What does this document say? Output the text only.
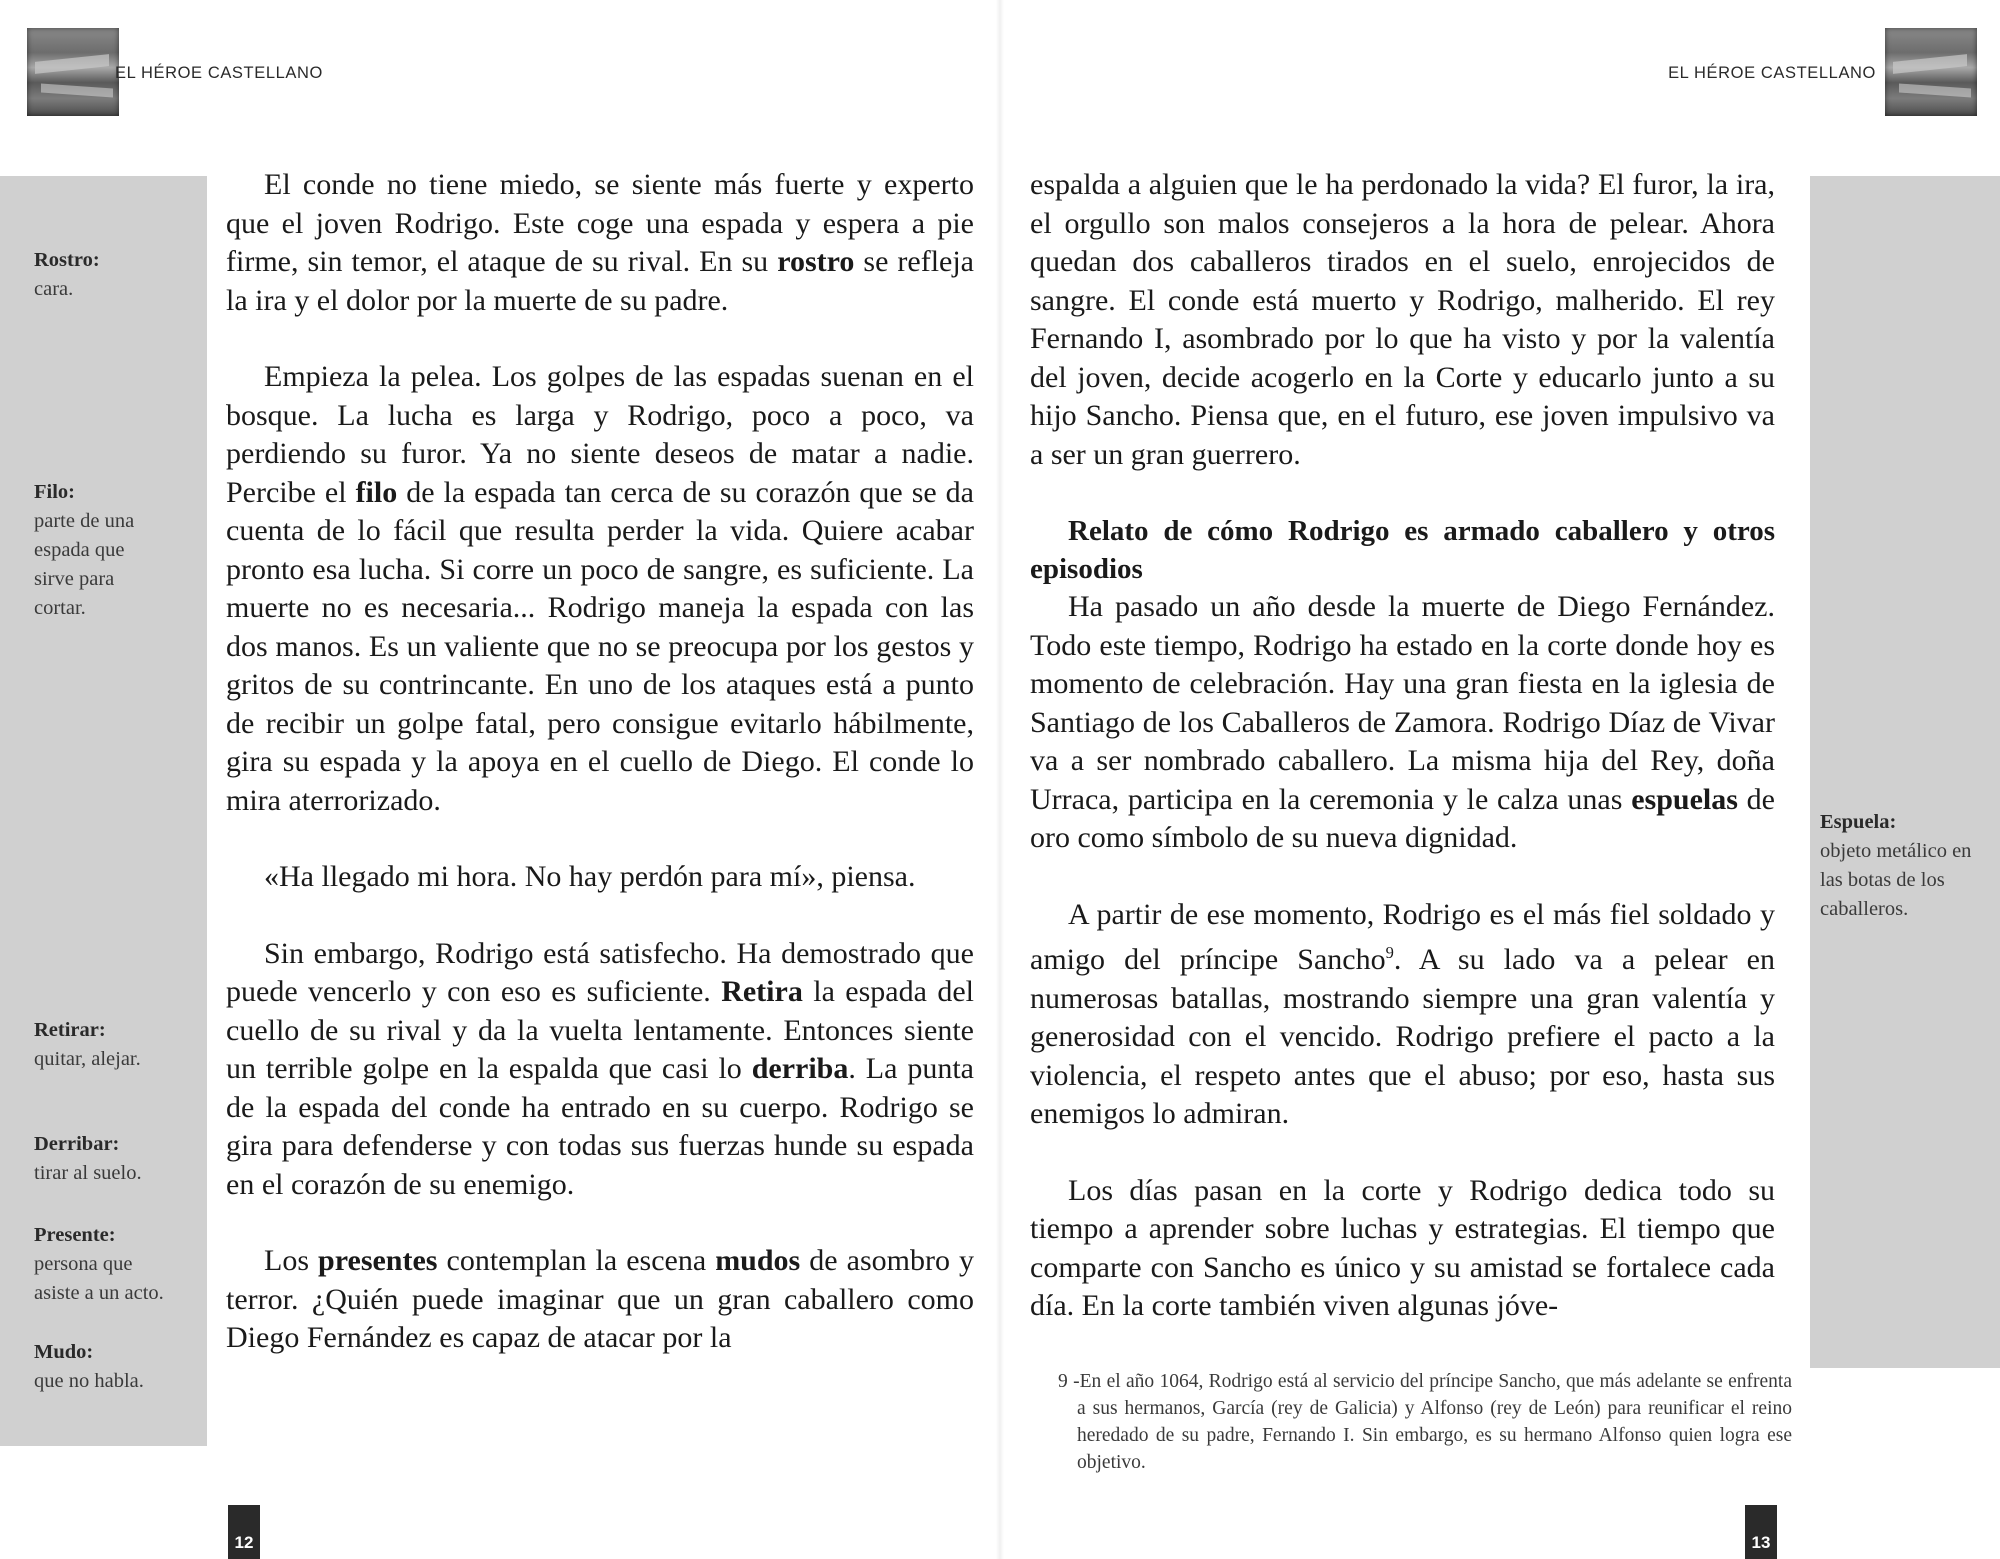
EL HÉROE CASTELLANO
Rostro:
cara.
Filo:
parte de una espada que sirve para cortar.
Retirar:
quitar, alejar.
Derribar:
tirar al suelo.
Presente:
persona que asiste a un acto.
Mudo:
que no habla.

El conde no tiene miedo, se siente más fuerte y experto que el joven Rodrigo. Este coge una espada y espera a pie firme, sin temor, el ataque de su rival. En su rostro se refleja la ira y el dolor por la muerte de su padre.

Empieza la pelea. Los golpes de las espadas suenan en el bosque. La lucha es larga y Rodrigo, poco a poco, va perdiendo su furor. Ya no siente deseos de matar a nadie. Percibe el filo de la espada tan cerca de su corazón que se da cuenta de lo fácil que resulta perder la vida. Quiere acabar pronto esa lucha. Si corre un poco de sangre, es suficiente. La muerte no es necesaria... Rodrigo maneja la espada con las dos manos. Es un valiente que no se preocupa por los gestos y gritos de su contrincante. En uno de los ataques está a punto de recibir un golpe fatal, pero consigue evitarlo hábilmente, gira su espada y la apoya en el cuello de Diego. El conde lo mira aterrorizado.

«Ha llegado mi hora. No hay perdón para mí», piensa.

Sin embargo, Rodrigo está satisfecho. Ha demostrado que puede vencerlo y con eso es suficiente. Retira la espada del cuello de su rival y da la vuelta lentamente. Entonces siente un terrible golpe en la espalda que casi lo derriba. La punta de la espada del conde ha entrado en su cuerpo. Rodrigo se gira para defenderse y con todas sus fuerzas hunde su espada en el corazón de su enemigo.

Los presentes contemplan la escena mudos de asombro y terror. ¿Quién puede imaginar que un gran caballero como Diego Fernández es capaz de atacar por la

12
EL HÉROE CASTELLANO
Espuela:
objeto metálico en las botas de los caballeros.

espalda a alguien que le ha perdonado la vida? El furor, la ira, el orgullo son malos consejeros a la hora de pelear. Ahora quedan dos caballeros tirados en el suelo, enrojecidos de sangre. El conde está muerto y Rodrigo, malherido. El rey Fernando I, asombrado por lo que ha visto y por la valentía del joven, decide acogerlo en la Corte y educarlo junto a su hijo Sancho. Piensa que, en el futuro, ese joven impulsivo va a ser un gran guerrero.

Relato de cómo Rodrigo es armado caballero y otros episodios

Ha pasado un año desde la muerte de Diego Fernández. Todo este tiempo, Rodrigo ha estado en la corte donde hoy es momento de celebración. Hay una gran fiesta en la iglesia de Santiago de los Caballeros de Zamora. Rodrigo Díaz de Vivar va a ser nombrado caballero. La misma hija del Rey, doña Urraca, participa en la ceremonia y le calza unas espuelas de oro como símbolo de su nueva dignidad.

A partir de ese momento, Rodrigo es el más fiel soldado y amigo del príncipe Sancho$^9$. A su lado va a pelear en numerosas batallas, mostrando siempre una gran valentía y generosidad con el vencido. Rodrigo prefiere el pacto a la violencia, el respeto antes que el abuso; por eso, hasta sus enemigos lo admiran.

Los días pasan en la corte y Rodrigo dedica todo su tiempo a aprender sobre luchas y estrategias. El tiempo que comparte con Sancho es único y su amistad se fortalece cada día. En la corte también viven algunas jóve-

9 -En el año 1064, Rodrigo está al servicio del príncipe Sancho, que más adelante se enfrenta a sus hermanos, García (rey de Galicia) y Alfonso (rey de León) para reunificar el reino heredado de su padre, Fernando I. Sin embargo, es su hermano Alfonso quien logra ese objetivo.
13
